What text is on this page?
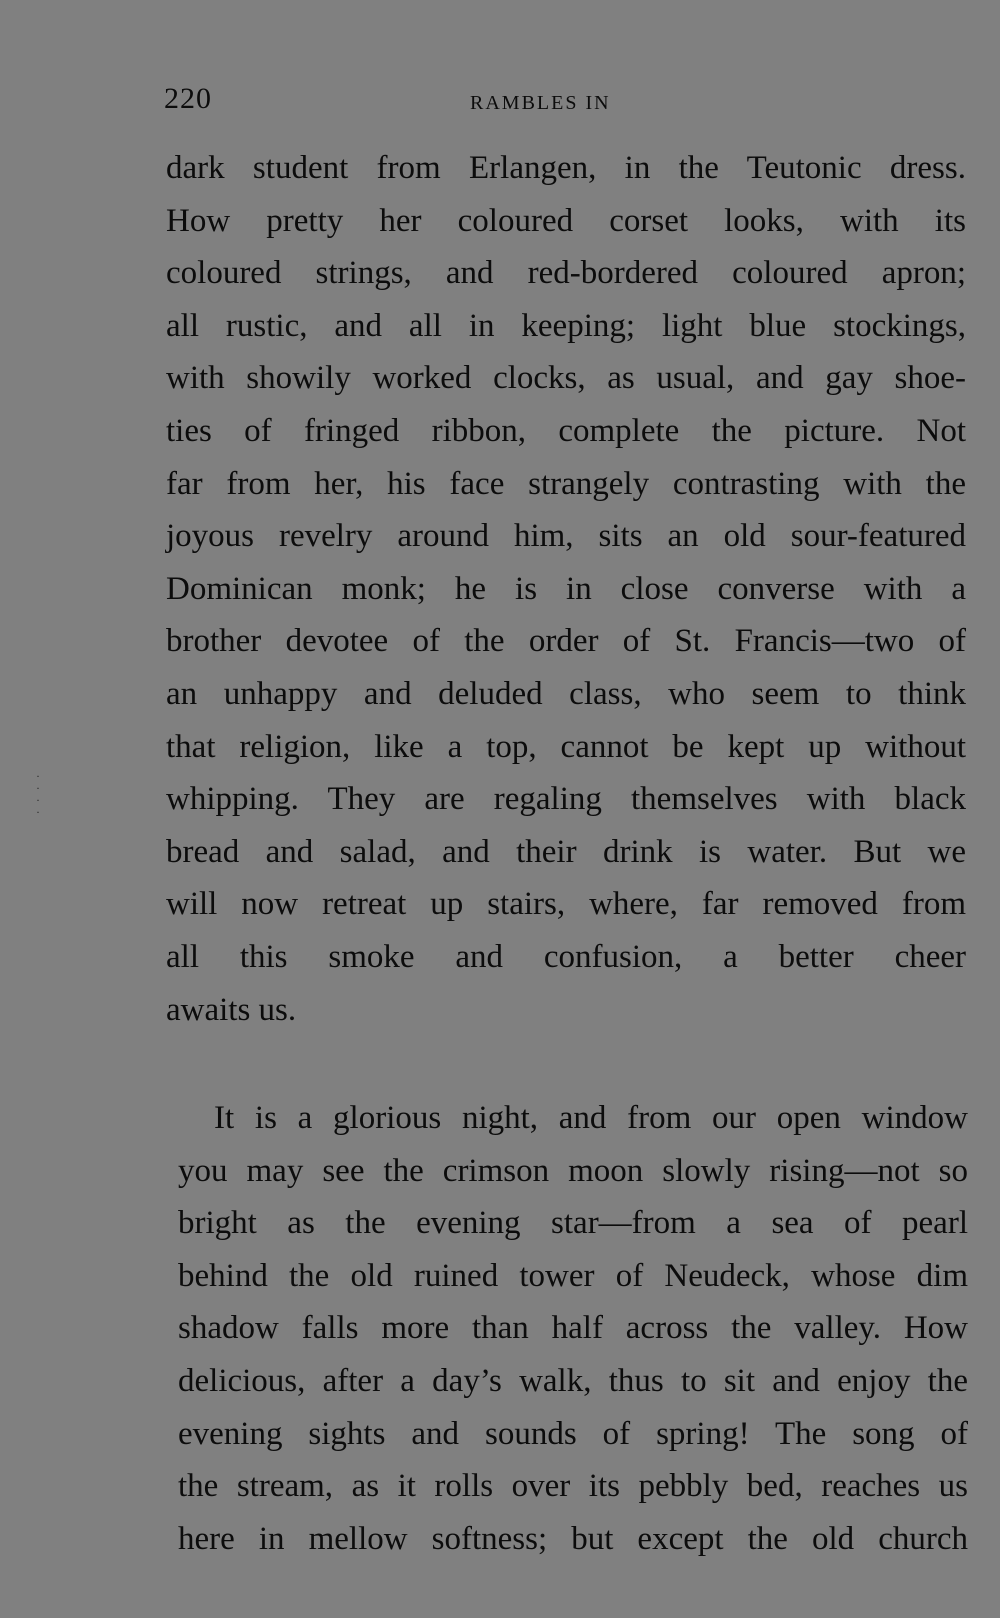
220	RAMBLES IN
·
·
·
·
dark student from Erlangen, in the Teutonic dress.
How pretty her coloured corset looks, with its
coloured strings, and red-bordered coloured apron;
all rustic, and all in keeping; light blue stockings,
with showily worked clocks, as usual, and gay shoe-
ties of fringed ribbon, complete the picture. Not
far from her, his face strangely contrasting with the
joyous revelry around him, sits an old sour-featured
Dominican monk; he is in close converse with a
brother devotee of the order of St. Francis—two of
an unhappy and deluded class, who seem to think
that religion, like a top, cannot be kept up without
whipping. They are regaling themselves with black
bread and salad, and their drink is water. But we
will now retreat up stairs, where, far removed from
all this smoke and confusion, a better cheer
awaits us.
It is a glorious night, and from our open window
you may see the crimson moon slowly rising—not so
bright as the evening star—from a sea of pearl
behind the old ruined tower of Neudeck, whose dim
shadow falls more than half across the valley. How
delicious, after a day’s walk, thus to sit and enjoy the
evening sights and sounds of spring! The song of
the stream, as it rolls over its pebbly bed, reaches us
here in mellow softness; but except the old church
